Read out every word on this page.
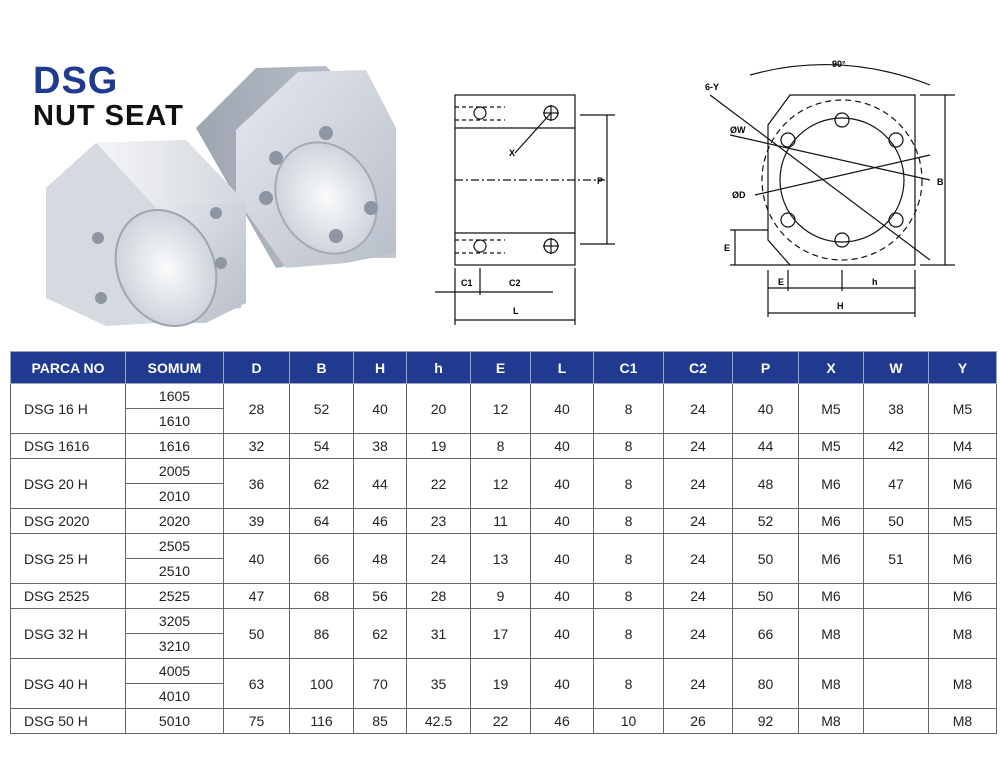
DSG
NUT SEAT
X
P
C1	C2
L
90°
6-Y
ØW
ØD
B
E
E	h
H
PARCA NO	SOMUM	D	B	H	h	E	L	C1	C2	P	X	W	Y
DSG 16 H	1605	28	52	40	20	12	40	8	24	40	M5	38	M5
	1610												
DSG 1616	1616	32	54	38	19	8	40	8	24	44	M5	42	M4
DSG 20 H	2005	36	62	44	22	12	40	8	24	48	M6	47	M6
	2010												
DSG 2020	2020	39	64	46	23	11	40	8	24	52	M6	50	M5
DSG 25 H	2505	40	66	48	24	13	40	8	24	50	M6	51	M6
	2510												
DSG 2525	2525	47	68	56	28	9	40	8	24	50	M6		M6
DSG 32 H	3205	50	86	62	31	17	40	8	24	66	M8		M8
	3210												
DSG 40 H	4005	63	100	70	35	19	40	8	24	80	M8		M8
	4010												
DSG 50 H	5010	75	116	85	42.5	22	46	10	26	92	M8		M8
